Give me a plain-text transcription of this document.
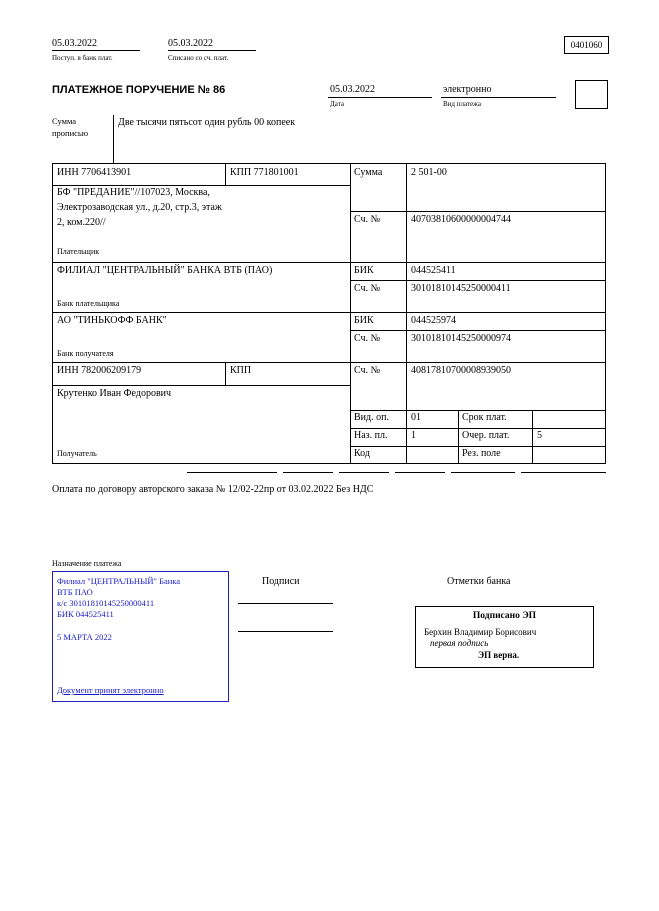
05.03.2022	05.03.2022
Поступ. в банк плат.	Списано со сч. плат.
0401060
ПЛАТЕЖНОЕ ПОРУЧЕНИЕ № 86	05.03.2022	электронно
Дата	Вид платежа
Сумма
прописью
Две тысячи пятьсот один рубль 00 копеек
ИНН 7706413901	КПП 771801001	Сумма	2 501-00
БФ "ПРЕДАНИЕ"//107023, Москва,
Электрозаводская ул., д.20, стр.3, этаж
2, ком.220//	Сч. №	40703810600000004744
Плательщик
ФИЛИАЛ "ЦЕНТРАЛЬНЫЙ" БАНКА ВТБ (ПАО)	БИК	044525411
Сч. №	30101810145250000411
Банк плательщика
АО "ТИНЬКОФФ БАНК"	БИК	044525974
Сч. №	30101810145250000974
Банк получателя
ИНН 782006209179	КПП	Сч. №	40817810700008939050
Крутенко Иван Федорович
Вид. оп. 01	Срок плат.
Наз. пл. 1	Очер. плат.	5
Код	Рез. поле
Получатель
Оплата по договору авторского заказа № 12/02-22пр от 03.02.2022 Без НДС
Назначение платежа
Филиал "ЦЕНТРАЛЬНЫЙ" Банка
ВТБ ПАО
к/с 30101810145250000411
БИК 044525411
5 МАРТА 2022
Документ принят электронно
Подписи	Отметки банка
Подписано ЭП
Берхин Владимир Борисович
первая подпись
ЭП верна.
